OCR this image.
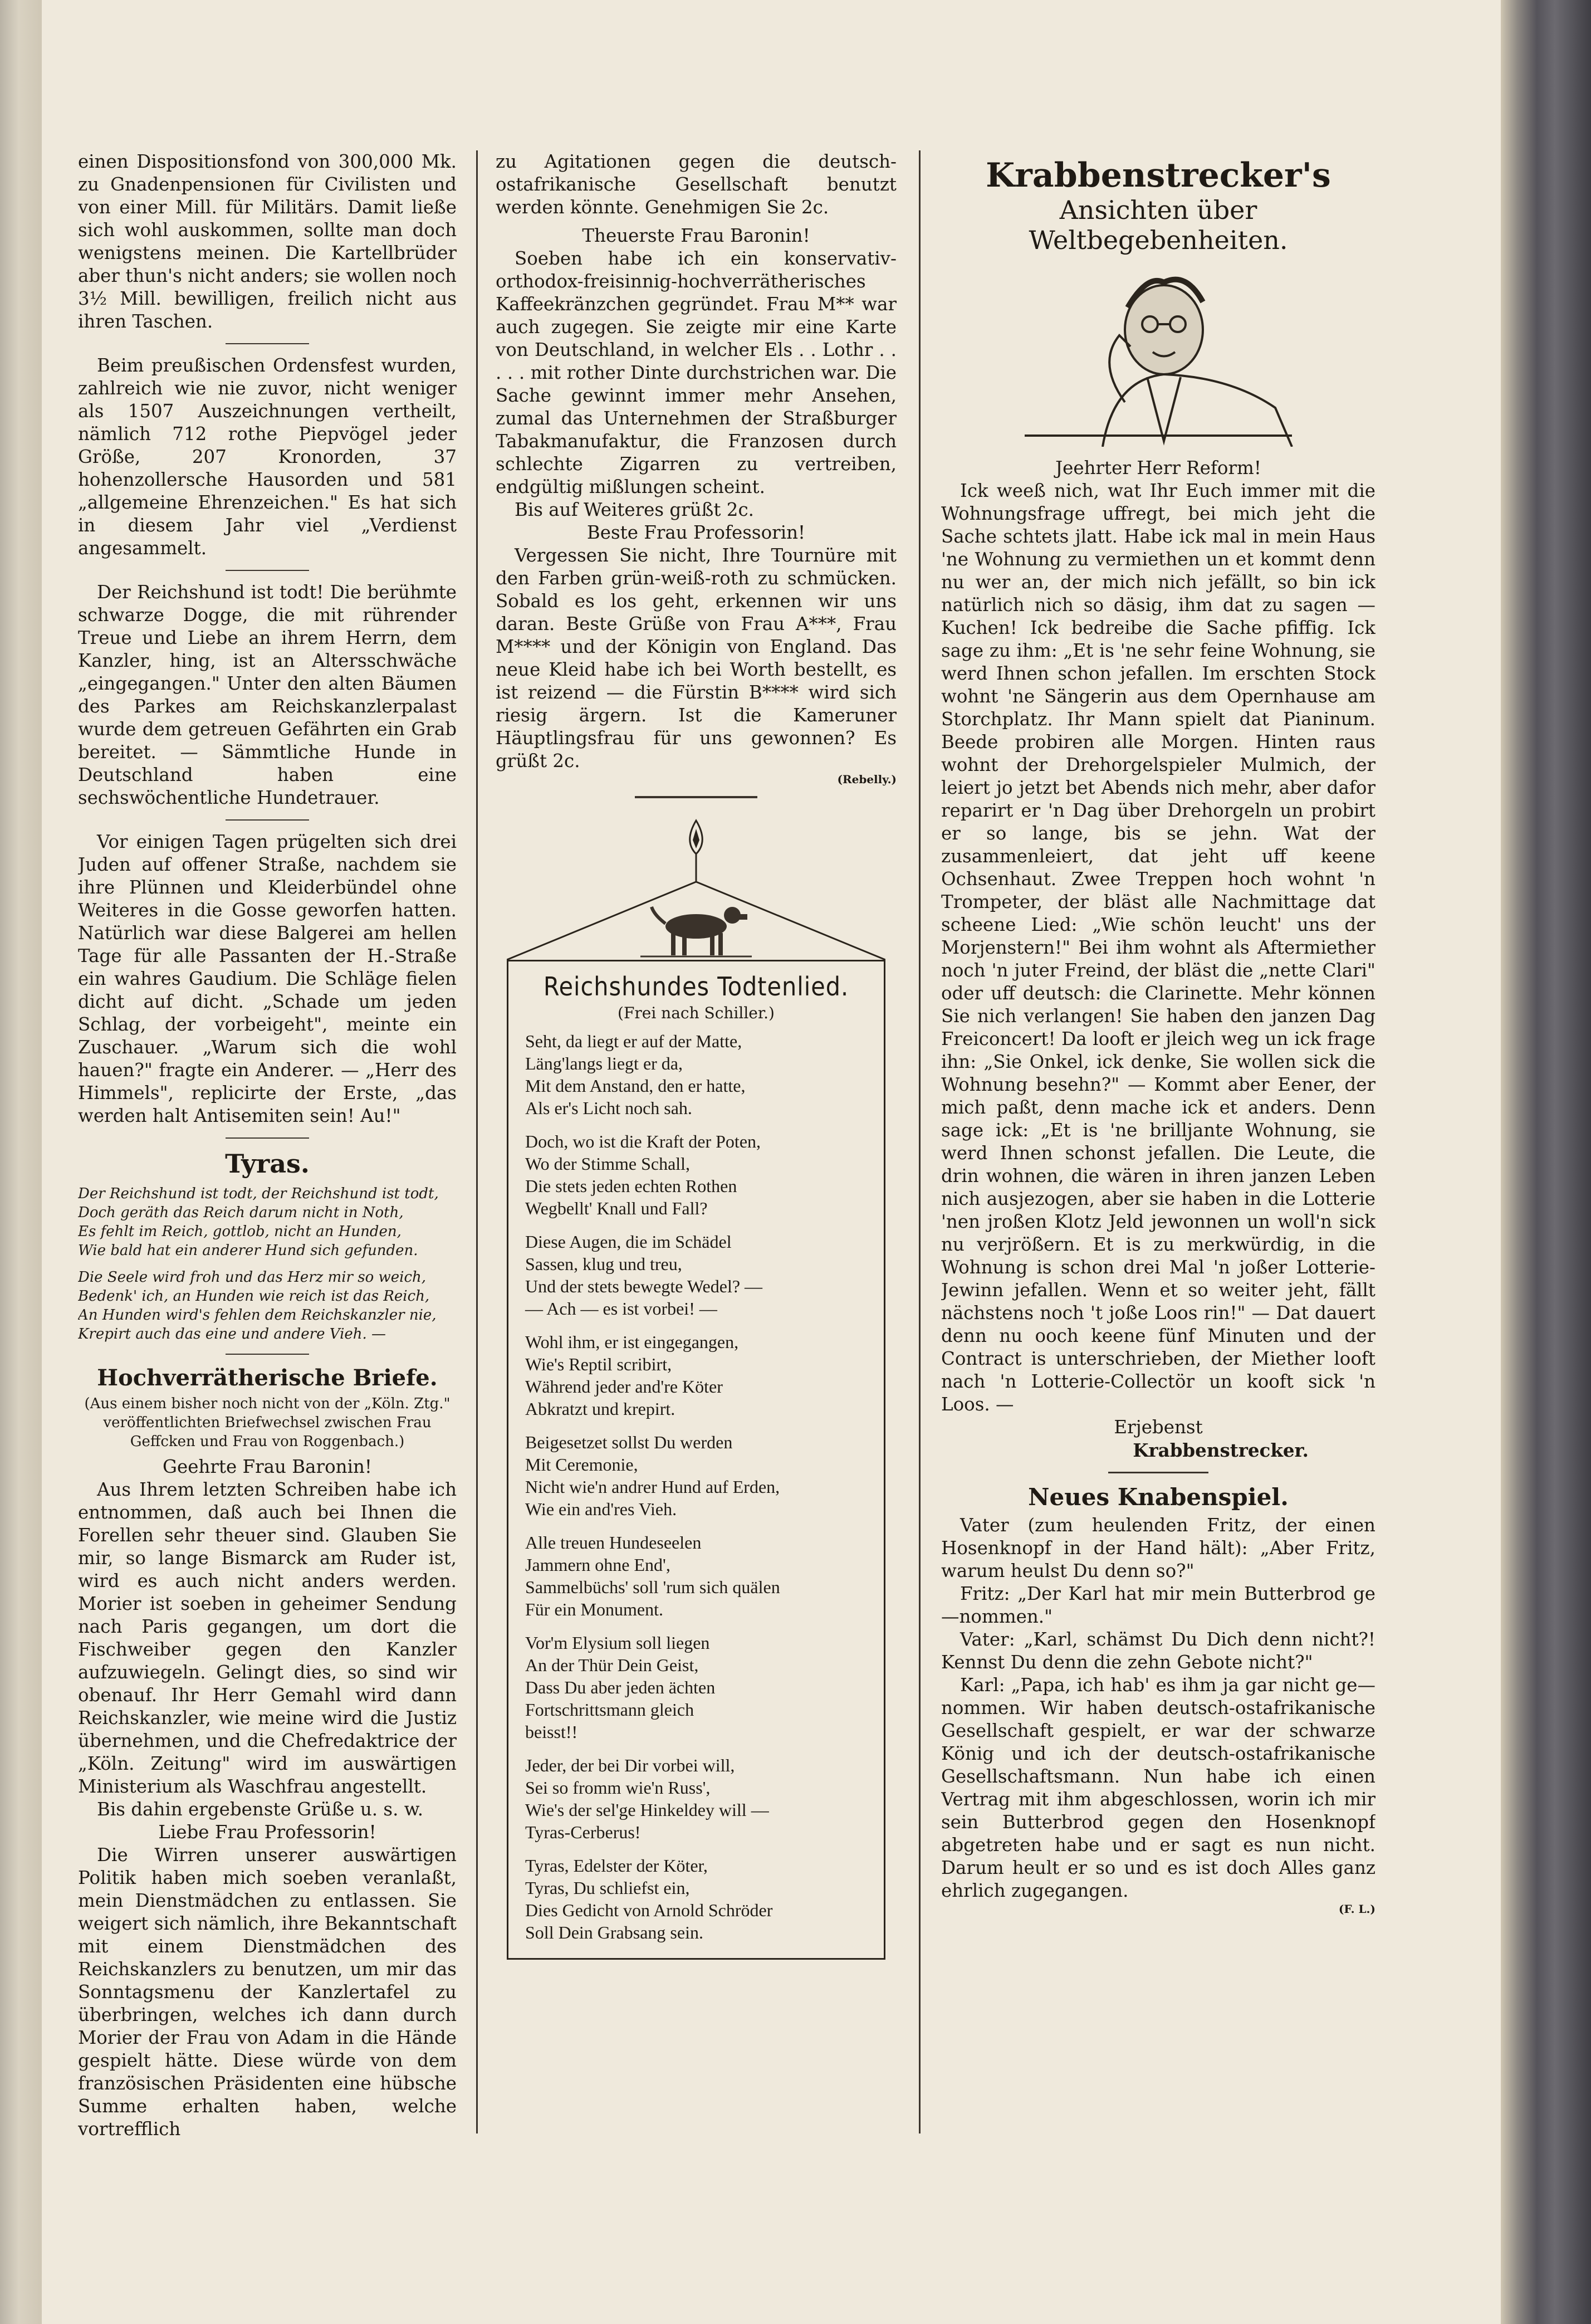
einen Dispositionsfond von 300,000 Mk. zu Gnadenpensionen für Civilisten und von einer Mill. für Militärs. Damit ließe sich wohl auskommen, sollte man doch wenigstens meinen. Die Kartellbrüder aber thun's nicht anders; sie wollen noch 3½ Mill. bewilligen, freilich nicht aus ihren Taschen.

Beim preußischen Ordensfest wurden, zahlreich wie nie zuvor, nicht weniger als 1507 Auszeichnungen vertheilt, nämlich 712 rothe Piepvögel jeder Größe, 207 Kronorden, 37 hohenzollersche Hausorden und 581 „allgemeine Ehrenzeichen." Es hat sich in diesem Jahr viel „Verdienst angesammelt.

Der Reichshund ist todt! Die berühmte schwarze Dogge, die mit rührender Treue und Liebe an ihrem Herrn, dem Kanzler, hing, ist an Altersschwäche „eingegangen." Unter den alten Bäumen des Parkes am Reichskanzlerpalast wurde dem getreuen Gefährten ein Grab bereitet. — Sämmtliche Hunde in Deutschland haben eine sechswöchentliche Hundetrauer.

Vor einigen Tagen prügelten sich drei Juden auf offener Straße, nachdem sie ihre Plünnen und Kleiderbündel ohne Weiteres in die Gosse geworfen hatten. Natürlich war diese Balgerei am hellen Tage für alle Passanten der H.-Straße ein wahres Gaudium. Die Schläge fielen dicht auf dicht. „Schade um jeden Schlag, der vorbeigeht", meinte ein Zuschauer. „Warum sich die wohl hauen?" fragte ein Anderer. — „Herr des Himmels", replicirte der Erste, „das werden halt Antisemiten sein! Au!"

Tyras.
Der Reichshund ist todt, der Reichshund ist todt,
Doch geräth das Reich darum nicht in Noth,
Es fehlt im Reich, gottlob, nicht an Hunden,
Wie bald hat ein anderer Hund sich gefunden.
Die Seele wird froh und das Herz mir so weich,
Bedenk' ich, an Hunden wie reich ist das Reich,
An Hunden wird's fehlen dem Reichskanzler nie,
Krepirt auch das eine und andere Vieh. —
Hochverrätherische Briefe.

(Aus einem bisher noch nicht von der „Köln. Ztg." veröffentlichten Briefwechsel zwischen Frau Geffcken und Frau von Roggenbach.)

Geehrte Frau Baronin!

Aus Ihrem letzten Schreiben habe ich entnommen, daß auch bei Ihnen die Forellen sehr theuer sind. Glauben Sie mir, so lange Bismarck am Ruder ist, wird es auch nicht anders werden. Morier ist soeben in geheimer Sendung nach Paris gegangen, um dort die Fischweiber gegen den Kanzler aufzuwiegeln. Gelingt dies, so sind wir obenauf. Ihr Herr Gemahl wird dann Reichskanzler, wie meine wird die Justiz übernehmen, und die Chefredaktrice der „Köln. Zeitung" wird im auswärtigen Ministerium als Waschfrau angestellt.

Bis dahin ergebenste Grüße u. s. w.

Liebe Frau Professorin!

Die Wirren unserer auswärtigen Politik haben mich soeben veranlaßt, mein Dienstmädchen zu entlassen. Sie weigert sich nämlich, ihre Bekanntschaft mit einem Dienstmädchen des Reichskanzlers zu benutzen, um mir das Sonntagsmenu der Kanzlertafel zu überbringen, welches ich dann durch Morier der Frau von Adam in die Hände gespielt hätte. Diese würde von dem französischen Präsidenten eine hübsche Summe erhalten haben, welche vortrefflich

zu Agitationen gegen die deutsch-ostafrikanische Gesellschaft benutzt werden könnte. Genehmigen Sie 2c.

Theuerste Frau Baronin!

Soeben habe ich ein konservativ-orthodox-freisinnig-hochverrätherisches Kaffeekränzchen gegründet. Frau M** war auch zugegen. Sie zeigte mir eine Karte von Deutschland, in welcher Els . . Lothr . . . . . mit rother Dinte durchstrichen war. Die Sache gewinnt immer mehr Ansehen, zumal das Unternehmen der Straßburger Tabakmanufaktur, die Franzosen durch schlechte Zigarren zu vertreiben, endgültig mißlungen scheint.

Bis auf Weiteres grüßt 2c.

Beste Frau Professorin!

Vergessen Sie nicht, Ihre Tournüre mit den Farben grün-weiß-roth zu schmücken. Sobald es los geht, erkennen wir uns daran. Beste Grüße von Frau A***, Frau M**** und der Königin von England. Das neue Kleid habe ich bei Worth bestellt, es ist reizend — die Fürstin B**** wird sich riesig ärgern. Ist die Kameruner Häuptlingsfrau für uns gewonnen? Es grüßt 2c.

(Rebelly.)

Reichshundes Todtenlied.

(Frei nach Schiller.)

Seht, da liegt er auf der Matte,

Läng'langs liegt er da,

Mit dem Anstand, den er hatte,

Als er's Licht noch sah.

Doch, wo ist die Kraft der Poten,

Wo der Stimme Schall,

Die stets jeden echten Rothen

Wegbellt' Knall und Fall?

Diese Augen, die im Schädel

Sassen, klug und treu,

Und der stets bewegte Wedel? —

— Ach — es ist vorbei! —

Wohl ihm, er ist eingegangen,

Wie's Reptil scribirt,

Während jeder and're Köter

Abkratzt und krepirt.

Beigesetzet sollst Du werden

Mit Ceremonie,

Nicht wie'n andrer Hund auf Erden,

Wie ein and'res Vieh.

Alle treuen Hundeseelen

Jammern ohne End',

Sammelbüchs' soll 'rum sich quälen

Für ein Monument.

Vor'm Elysium soll liegen

An der Thür Dein Geist,

Dass Du aber jeden ächten

Fortschrittsmann gleich

beisst!!

Jeder, der bei Dir vorbei will,

Sei so fromm wie'n Russ',

Wie's der sel'ge Hinkeldey will —

Tyras-Cerberus!

Tyras, Edelster der Köter,

Tyras, Du schliefst ein,

Dies Gedicht von Arnold Schröder

Soll Dein Grabsang sein.

Krabbenstrecker's
Ansichten über Weltbegebenheiten.

Jeehrter Herr Reform!

Ick weeß nich, wat Ihr Euch immer mit die Wohnungsfrage uffregt, bei mich jeht die Sache schtets jlatt. Habe ick mal in mein Haus 'ne Wohnung zu vermiethen un et kommt denn nu wer an, der mich nich jefällt, so bin ick natürlich nich so däsig, ihm dat zu sagen — Kuchen! Ick bedreibe die Sache pfiffig. Ick sage zu ihm: „Et is 'ne sehr feine Wohnung, sie werd Ihnen schon jefallen. Im erschten Stock wohnt 'ne Sängerin aus dem Opernhause am Storchplatz. Ihr Mann spielt dat Pianinum. Beede probiren alle Morgen. Hinten raus wohnt der Drehorgelspieler Mulmich, der leiert jo jetzt bet Abends nich mehr, aber dafor reparirt er 'n Dag über Drehorgeln un probirt er so lange, bis se jehn. Wat der zusammenleiert, dat jeht uff keene Ochsenhaut. Zwee Treppen hoch wohnt 'n Trompeter, der bläst alle Nachmittage dat scheene Lied: „Wie schön leucht' uns der Morjenstern!" Bei ihm wohnt als Aftermiether noch 'n juter Freind, der bläst die „nette Clari" oder uff deutsch: die Clarinette. Mehr können Sie nich verlangen! Sie haben den janzen Dag Freiconcert! Da looft er jleich weg un ick frage ihn: „Sie Onkel, ick denke, Sie wollen sick die Wohnung besehn?" — Kommt aber Eener, der mich paßt, denn mache ick et anders. Denn sage ick: „Et is 'ne brilljante Wohnung, sie werd Ihnen schonst jefallen. Die Leute, die drin wohnen, die wären in ihren janzen Leben nich ausjezogen, aber sie haben in die Lotterie 'nen jroßen Klotz Jeld jewonnen un woll'n sick nu verjrößern. Et is zu merkwürdig, in die Wohnung is schon drei Mal 'n joßer Lotterie-Jewinn jefallen. Wenn et so weiter jeht, fällt nächstens noch 't joße Loos rin!" — Dat dauert denn nu ooch keene fünf Minuten und der Contract is unterschrieben, der Miether looft nach 'n Lotterie-Collectör un kooft sick 'n Loos. —

Erjebenst

Krabbenstrecker.

Neues Knabenspiel.

Vater (zum heulenden Fritz, der einen Hosenknopf in der Hand hält): „Aber Fritz, warum heulst Du denn so?"

Fritz: „Der Karl hat mir mein Butterbrod ge—nommen."

Vater: „Karl, schämst Du Dich denn nicht?! Kennst Du denn die zehn Gebote nicht?"

Karl: „Papa, ich hab' es ihm ja gar nicht ge—nommen. Wir haben deutsch-ostafrikanische Gesellschaft gespielt, er war der schwarze König und ich der deutsch-ostafrikanische Gesellschaftsmann. Nun habe ich einen Vertrag mit ihm abgeschlossen, worin ich mir sein Butterbrod gegen den Hosenknopf abgetreten habe und er sagt es nun nicht. Darum heult er so und es ist doch Alles ganz ehrlich zugegangen.

(F. L.)
